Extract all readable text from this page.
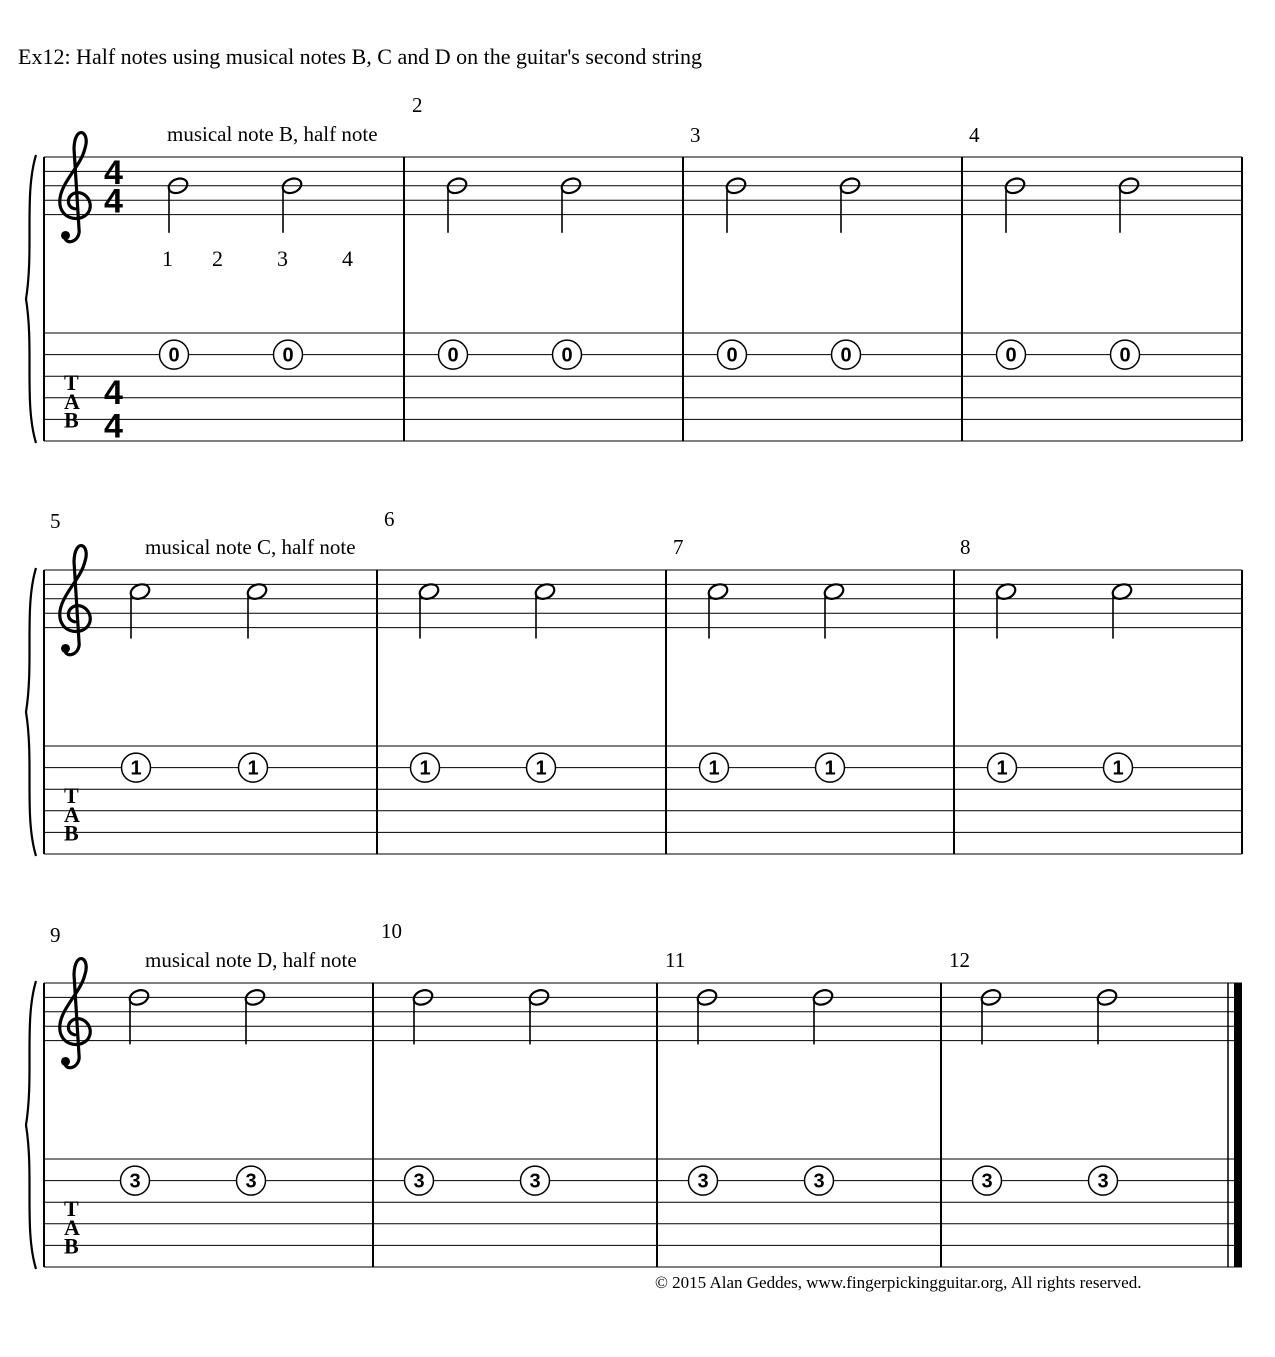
Ex12: Half notes using musical notes B, C and D on the guitar's second string
T
A
B
4
4
4
4
musical note B, half note
2
3	4
0	0	0	0	0	0	0	0
1 2 3 4
T
A
B
musical note C, half note
5	6
7	8
1	1	1	1	1	1	1	1
T
A
B
musical note D, half note
9	10
11	12
3	3	3	3	3	3	3	3
© 2015 Alan Geddes, www.fingerpickingguitar.org, All rights reserved.
